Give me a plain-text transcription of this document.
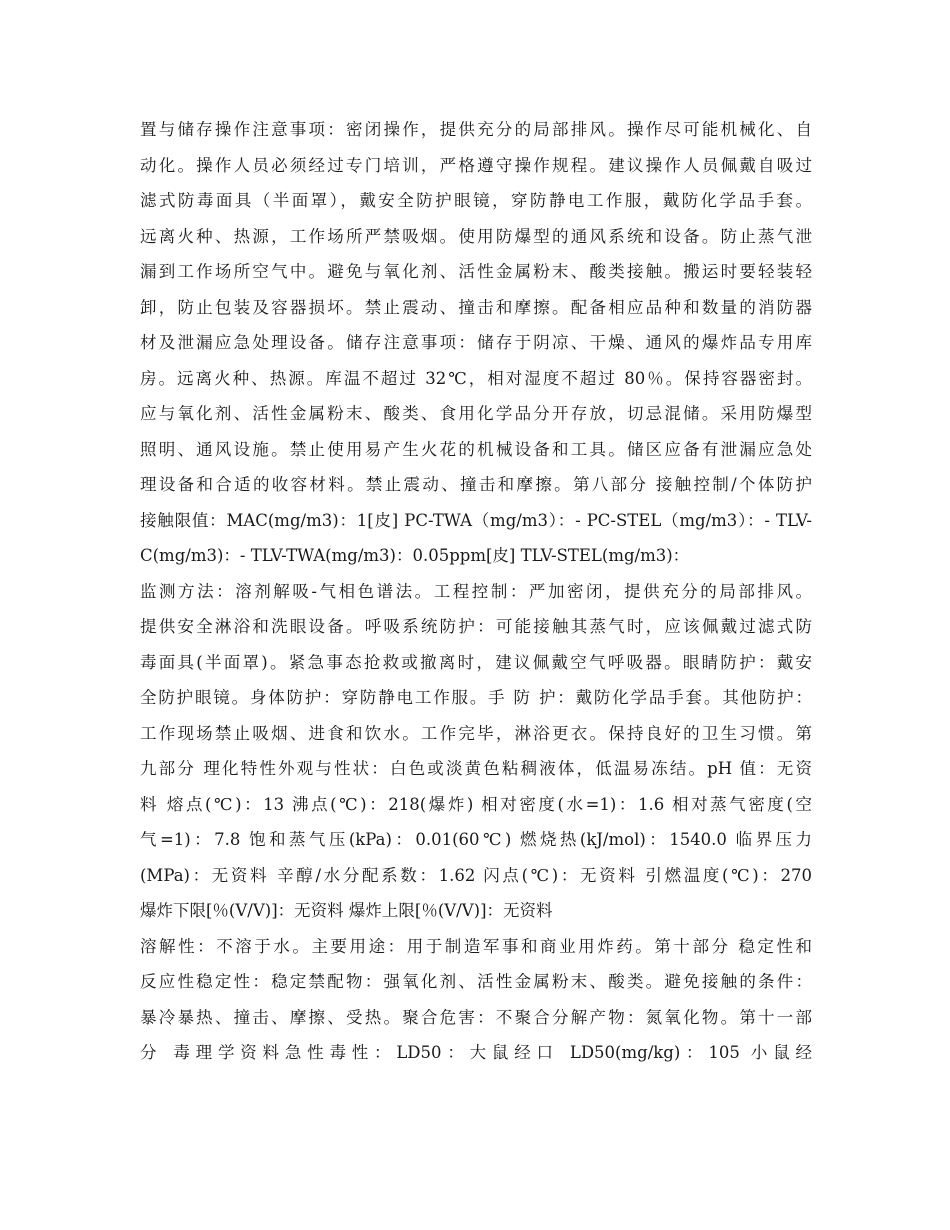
置与储存操作注意事项：密闭操作，提供充分的局部排风。操作尽可能机械化、自
动化。操作人员必须经过专门培训，严格遵守操作规程。建议操作人员佩戴自吸过
滤式防毒面具（半面罩），戴安全防护眼镜，穿防静电工作服，戴防化学品手套。
远离火种、热源，工作场所严禁吸烟。使用防爆型的通风系统和设备。防止蒸气泄
漏到工作场所空气中。避免与氧化剂、活性金属粉末、酸类接触。搬运时要轻装轻
卸，防止包装及容器损坏。禁止震动、撞击和摩擦。配备相应品种和数量的消防器
材及泄漏应急处理设备。储存注意事项：储存于阴凉、干燥、通风的爆炸品专用库
房。远离火种、热源。库温不超过 32℃，相对湿度不超过 80％。保持容器密封。
应与氧化剂、活性金属粉末、酸类、食用化学品分开存放，切忌混储。采用防爆型
照明、通风设施。禁止使用易产生火花的机械设备和工具。储区应备有泄漏应急处
理设备和合适的收容材料。禁止震动、撞击和摩擦。第八部分 接触控制/个体防护
接触限值：MAC(mg/m3)：1[皮] PC-TWA（mg/m3）：- PC-STEL（mg/m3）：- TLV-
C(mg/m3)：- TLV-TWA(mg/m3)：0.05ppm[皮] TLV-STEL(mg/m3)：
监测方法：溶剂解吸-气相色谱法。工程控制：严加密闭，提供充分的局部排风。
提供安全淋浴和洗眼设备。呼吸系统防护：可能接触其蒸气时，应该佩戴过滤式防
毒面具(半面罩)。紧急事态抢救或撤离时，建议佩戴空气呼吸器。眼睛防护：戴安
全防护眼镜。身体防护：穿防静电工作服。手 防 护：戴防化学品手套。其他防护：
工作现场禁止吸烟、进食和饮水。工作完毕，淋浴更衣。保持良好的卫生习惯。第
九部分 理化特性外观与性状：白色或淡黄色粘稠液体，低温易冻结。pH 值：无资
料 熔点(℃)：13 沸点(℃)：218(爆炸) 相对密度(水=1)：1.6 相对蒸气密度(空
气=1)：7.8 饱和蒸气压(kPa)：0.01(60℃) 燃烧热(kJ/mol)：1540.0 临界压力
(MPa)：无资料 辛醇/水分配系数：1.62 闪点(℃)：无资料 引燃温度(℃)：270
爆炸下限[％(V/V)]：无资料 爆炸上限[％(V/V)]：无资料
溶解性：不溶于水。主要用途：用于制造军事和商业用炸药。第十部分 稳定性和
反应性稳定性：稳定禁配物：强氧化剂、活性金属粉末、酸类。避免接触的条件：
暴冷暴热、撞击、摩擦、受热。聚合危害：不聚合分解产物：氮氧化物。第十一部
分 毒理学资料急性毒性：LD50：大鼠经口 LD50(mg/kg)：105 小鼠经
